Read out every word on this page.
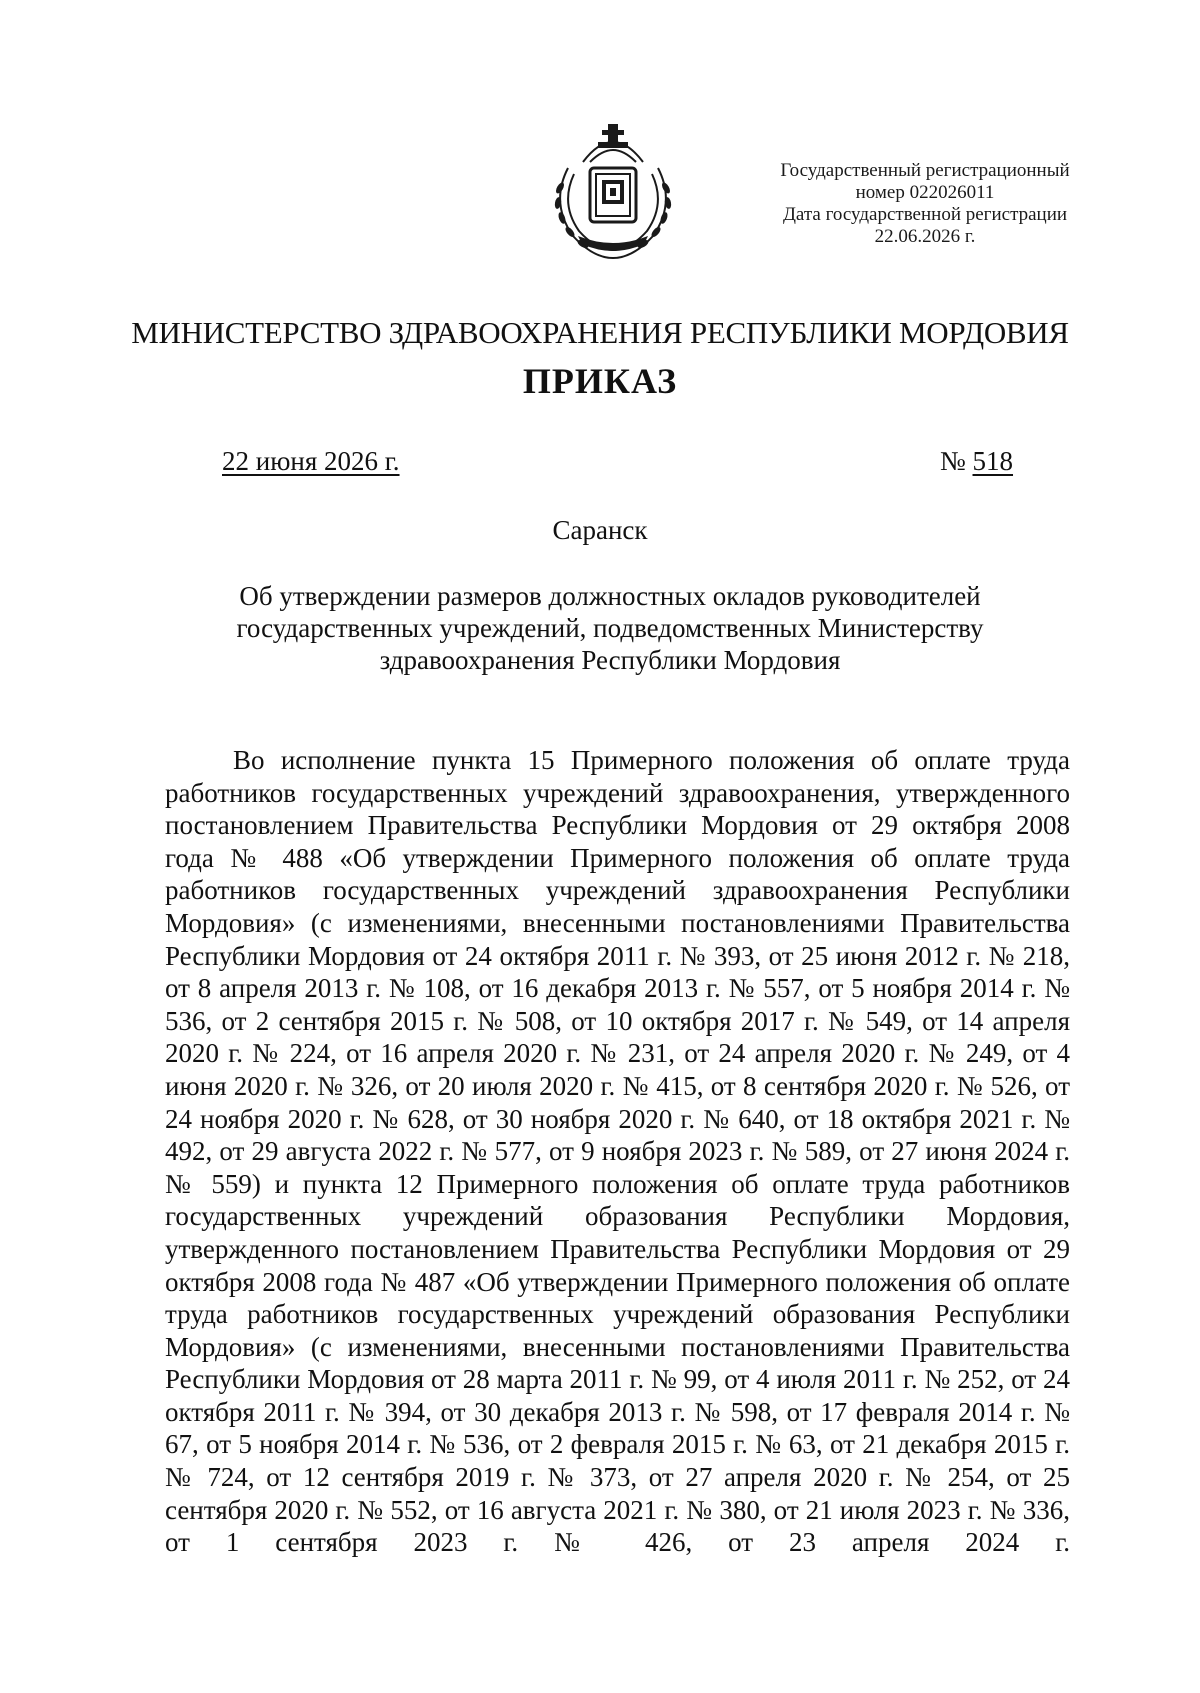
Государственный регистрационный
номер 022026011
Дата государственной регистрации
22.06.2026 г.
МИНИСТЕРСТВО ЗДРАВООХРАНЕНИЯ РЕСПУБЛИКИ МОРДОВИЯ
ПРИКАЗ
22 июня 2026 г.	№ 518
Саранск
Об утверждении размеров должностных окладов руководителей государственных учреждений, подведомственных Министерству здравоохранения Республики Мордовия
Во исполнение пункта 15 Примерного положения об оплате труда работников государственных учреждений здравоохранения, утвержденного постановлением Правительства Республики Мордовия от 29 октября 2008 года № 488 «Об утверждении Примерного положения об оплате труда работников государственных учреждений здравоохранения Республики Мордовия» (с изменениями, внесенными постановлениями Правительства Республики Мордовия от 24 октября 2011 г. № 393, от 25 июня 2012 г. № 218, от 8 апреля 2013 г. № 108, от 16 декабря 2013 г. № 557, от 5 ноября 2014 г. № 536, от 2 сентября 2015 г. № 508, от 10 октября 2017 г. № 549, от 14 апреля 2020 г. № 224, от 16 апреля 2020 г. № 231, от 24 апреля 2020 г. № 249, от 4 июня 2020 г. № 326, от 20 июля 2020 г. № 415, от 8 сентября 2020 г. № 526, от 24 ноября 2020 г. № 628, от 30 ноября 2020 г. № 640, от 18 октября 2021 г. № 492, от 29 августа 2022 г. № 577, от 9 ноября 2023 г. № 589, от 27 июня 2024 г. № 559) и пункта 12 Примерного положения об оплате труда работников государственных учреждений образования Республики Мордовия, утвержденного постановлением Правительства Республики Мордовия от 29 октября 2008 года № 487 «Об утверждении Примерного положения об оплате труда работников государственных учреждений образования Республики Мордовия» (с изменениями, внесенными постановлениями Правительства Республики Мордовия от 28 марта 2011 г. № 99, от 4 июля 2011 г. № 252, от 24 октября 2011 г. № 394, от 30 декабря 2013 г. № 598, от 17 февраля 2014 г. № 67, от 5 ноября 2014 г. № 536, от 2 февраля 2015 г. № 63, от 21 декабря 2015 г. № 724, от 12 сентября 2019 г. № 373, от 27 апреля 2020 г. № 254, от 25 сентября 2020 г. № 552, от 16 августа 2021 г. № 380, от 21 июля 2023 г. № 336, от 1 сентября 2023 г. № 426, от 23 апреля 2024 г.
